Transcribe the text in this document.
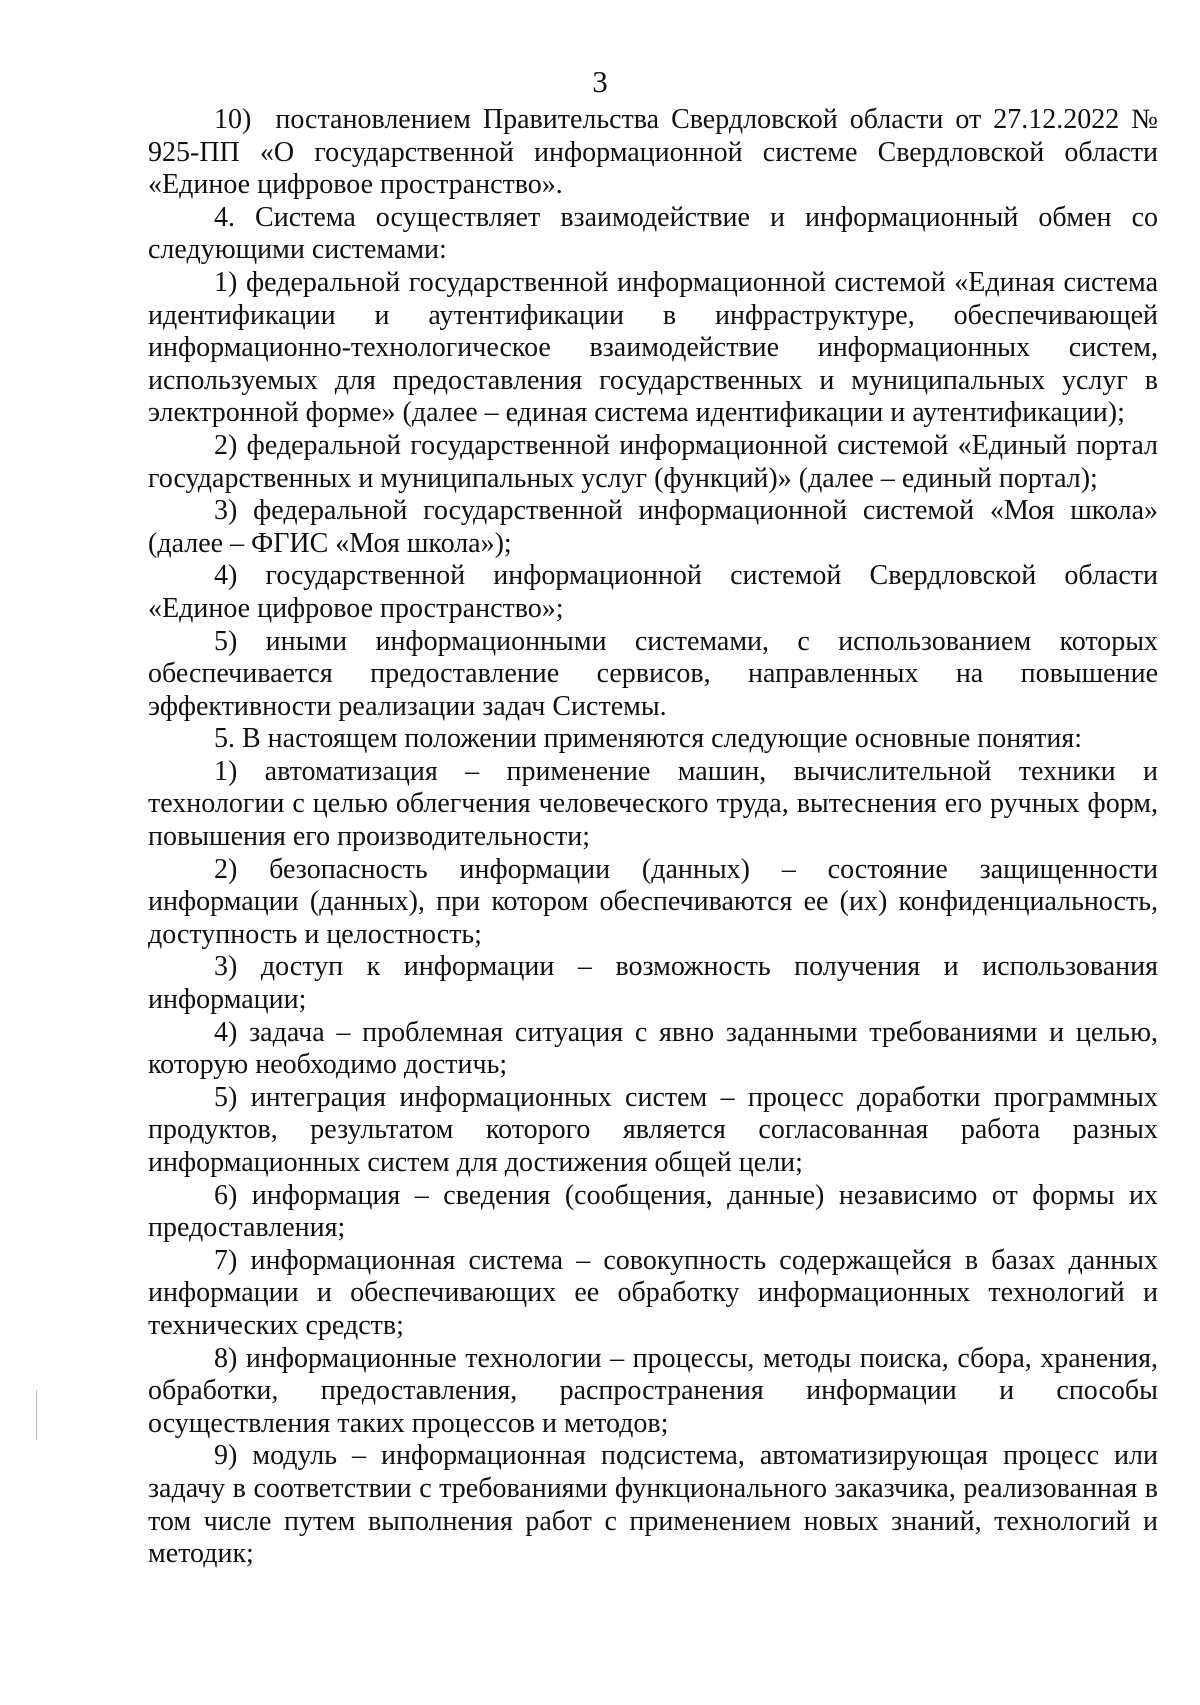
3

10)  постановлением Правительства Свердловской области от 27.12.2022 № 925-ПП «О государственной информационной системе Свердловской области «Единое цифровое пространство».

4. Система осуществляет взаимодействие и информационный обмен со следующими системами:

1) федеральной государственной информационной системой «Единая система идентификации и аутентификации в инфраструктуре, обеспечивающей информационно-технологическое взаимодействие информационных систем, используемых для предоставления государственных и муниципальных услуг в электронной форме» (далее – единая система идентификации и аутентификации);

2) федеральной государственной информационной системой «Единый портал государственных и муниципальных услуг (функций)» (далее – единый портал);

3) федеральной государственной информационной системой «Моя школа» (далее – ФГИС «Моя школа»);

4) государственной информационной системой Свердловской области «Единое цифровое пространство»;

5) иными информационными системами, с использованием которых обеспечивается предоставление сервисов, направленных на повышение эффективности реализации задач Системы.

5. В настоящем положении применяются следующие основные понятия:

1) автоматизация – применение машин, вычислительной техники и технологии с целью облегчения человеческого труда, вытеснения его ручных форм, повышения его производительности;

2) безопасность информации (данных) – состояние защищенности информации (данных), при котором обеспечиваются ее (их) конфиденциальность, доступность и целостность;

3) доступ к информации – возможность получения и использования информации;

4) задача – проблемная ситуация с явно заданными требованиями и целью, которую необходимо достичь;

5) интеграция информационных систем – процесс доработки программных продуктов, результатом которого является согласованная работа разных информационных систем для достижения общей цели;

6) информация – сведения (сообщения, данные) независимо от формы их предоставления;

7) информационная система – совокупность содержащейся в базах данных информации и обеспечивающих ее обработку информационных технологий и технических средств;

8) информационные технологии – процессы, методы поиска, сбора, хранения, обработки, предоставления, распространения информации и способы осуществления таких процессов и методов;

9) модуль – информационная подсистема, автоматизирующая процесс или задачу в соответствии с требованиями функционального заказчика, реализованная в том числе путем выполнения работ с применением новых знаний, технологий и методик;
